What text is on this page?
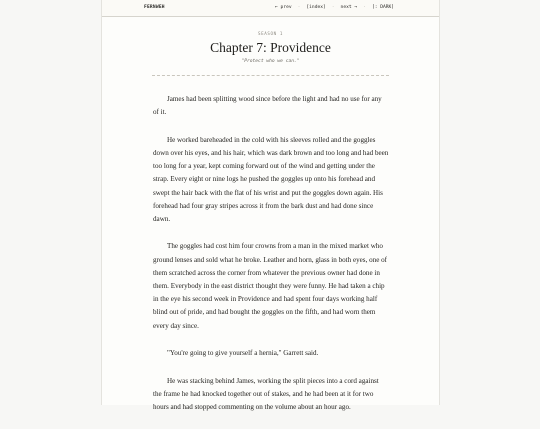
FERNWEH	← prev · [index] · next → · [: DARK]
SEASON 1
Chapter 7: Providence
"Protect who we can."

James had been splitting wood since before the light and had no use for any of it.

He worked bareheaded in the cold with his sleeves rolled and the goggles down over his eyes, and his hair, which was dark brown and too long and had been too long for a year, kept coming forward out of the wind and getting under the strap. Every eight or nine logs he pushed the goggles up onto his forehead and swept the hair back with the flat of his wrist and put the goggles down again. His forehead had four gray stripes across it from the bark dust and had done since dawn.

The goggles had cost him four crowns from a man in the mixed market who ground lenses and sold what he broke. Leather and horn, glass in both eyes, one of them scratched across the corner from whatever the previous owner had done in them. Everybody in the east district thought they were funny. He had taken a chip in the eye his second week in Providence and had spent four days working half blind out of pride, and had bought the goggles on the fifth, and had worn them every day since.

"You're going to give yourself a hernia," Garrett said.

He was stacking behind James, working the split pieces into a cord against the frame he had knocked together out of stakes, and he had been at it for two hours and had stopped commenting on the volume about an hour ago.
